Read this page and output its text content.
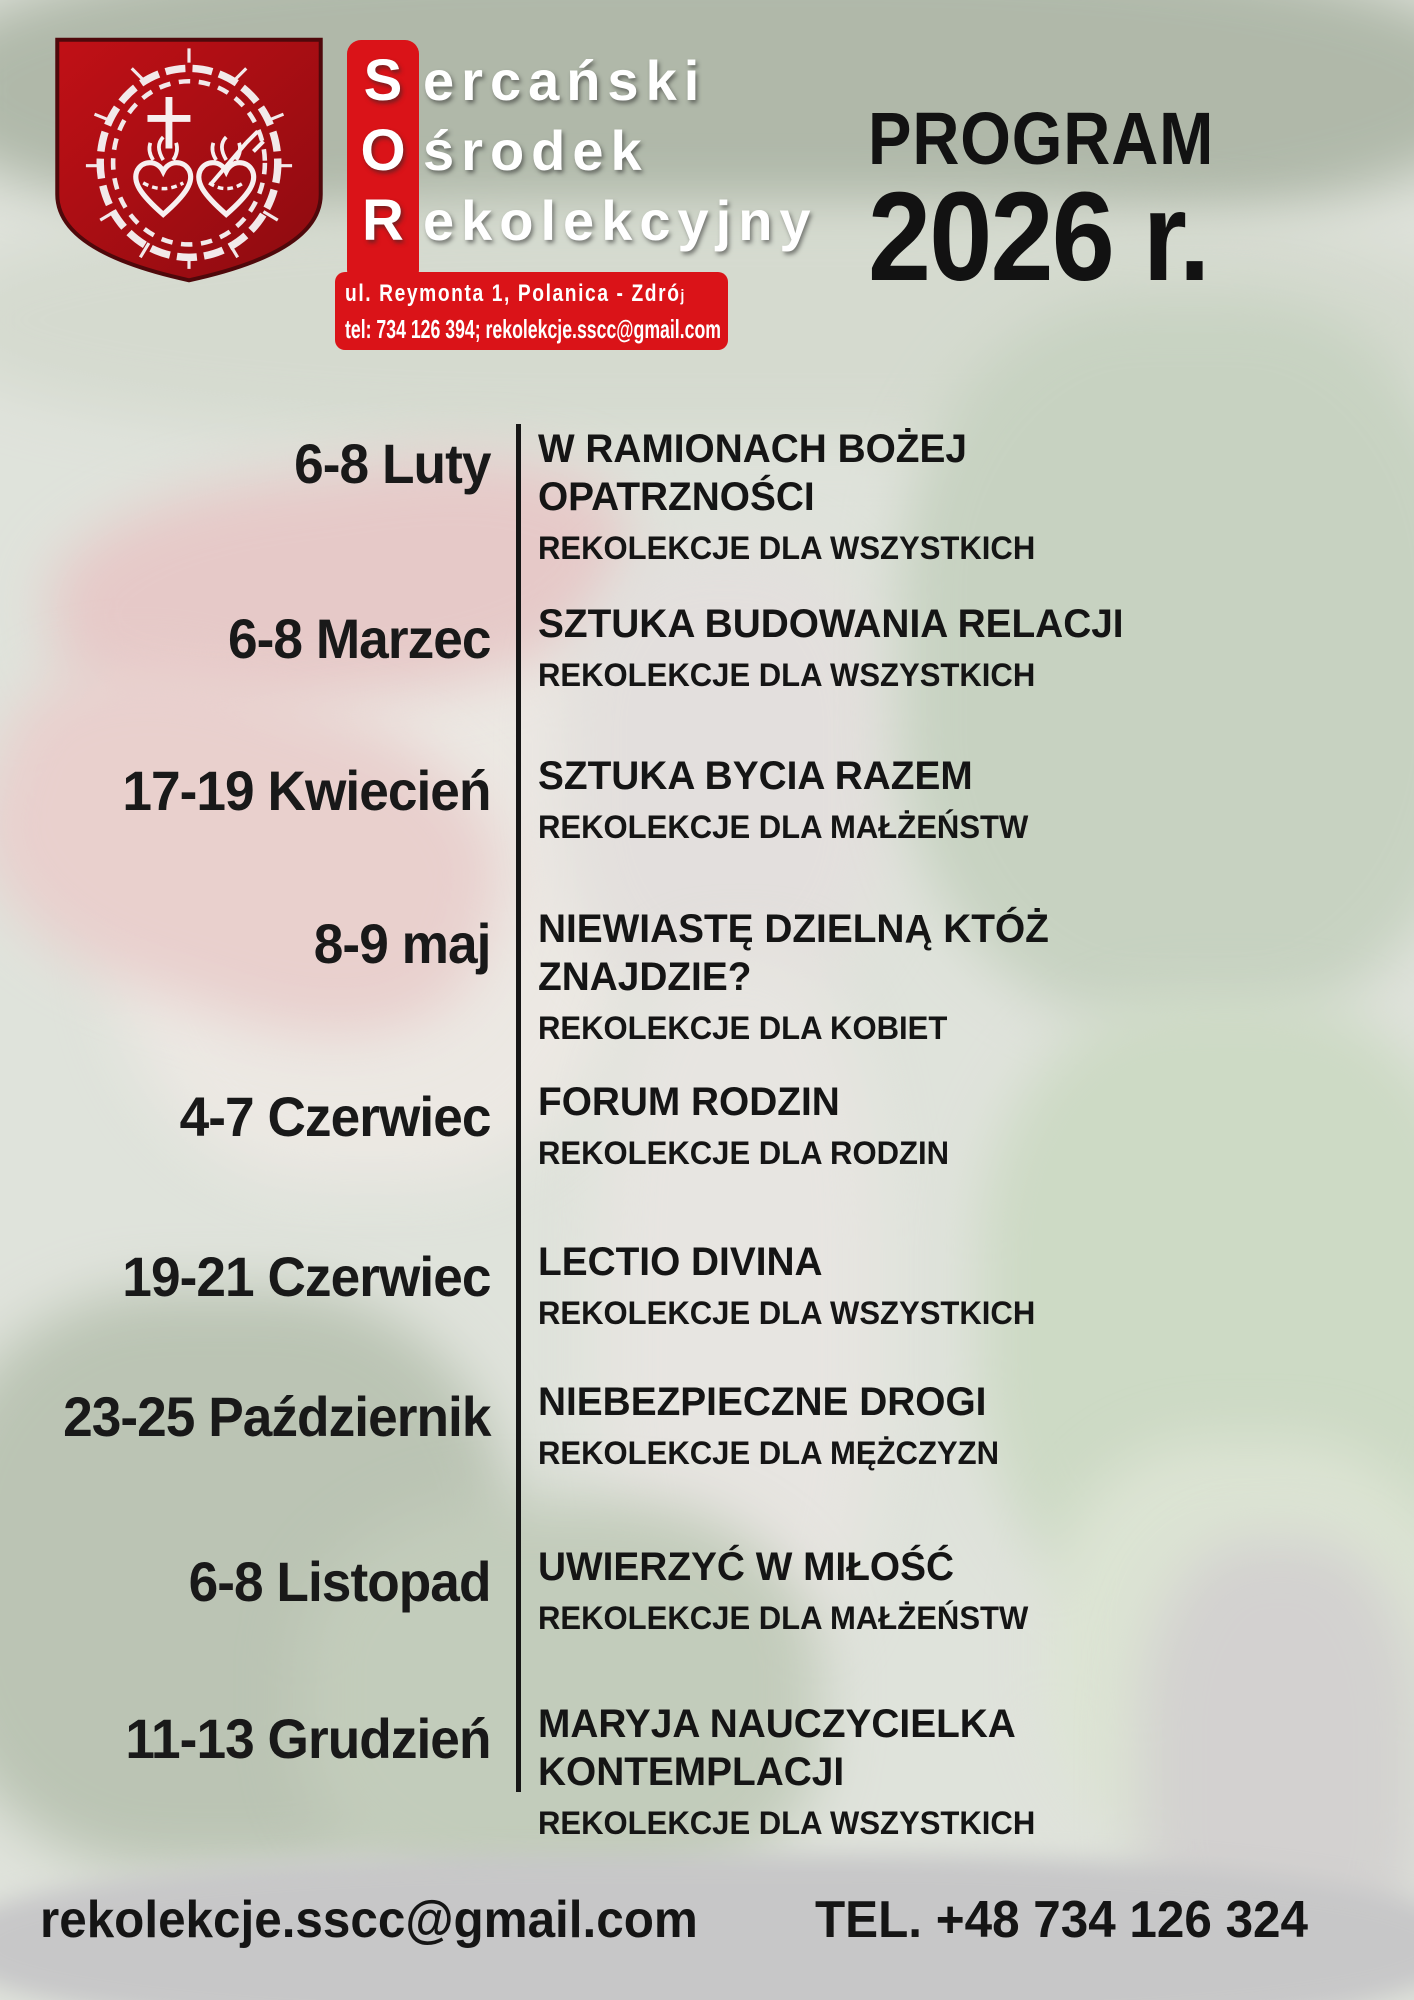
S ercański
O środek
R ekolekcyjny
ul. Reymonta 1, Polanica - Zdrój
tel: 734 126 394; rekolekcje.sscc@gmail.com
PROGRAM
2026 r.
6-8 Luty W RAMIONACH BOŻEJ
OPATRZNOŚCI
REKOLEKCJE DLA WSZYSTKICH
6-8 Marzec SZTUKA BUDOWANIA RELACJI
REKOLEKCJE DLA WSZYSTKICH
17-19 Kwiecień SZTUKA BYCIA RAZEM
REKOLEKCJE DLA MAŁŻEŃSTW
8-9 maj NIEWIASTĘ DZIELNĄ KTÓŻ
ZNAJDZIE?
REKOLEKCJE DLA KOBIET
4-7 Czerwiec FORUM RODZIN
REKOLEKCJE DLA RODZIN
19-21 Czerwiec LECTIO DIVINA
REKOLEKCJE DLA WSZYSTKICH
23-25 Październik NIEBEZPIECZNE DROGI
REKOLEKCJE DLA MĘŻCZYZN
6-8 Listopad UWIERZYĆ W MIŁOŚĆ
REKOLEKCJE DLA MAŁŻEŃSTW
11-13 Grudzień MARYJA NAUCZYCIELKA
KONTEMPLACJI
REKOLEKCJE DLA WSZYSTKICH
rekolekcje.sscc@gmail.com TEL. +48 734 126 324
